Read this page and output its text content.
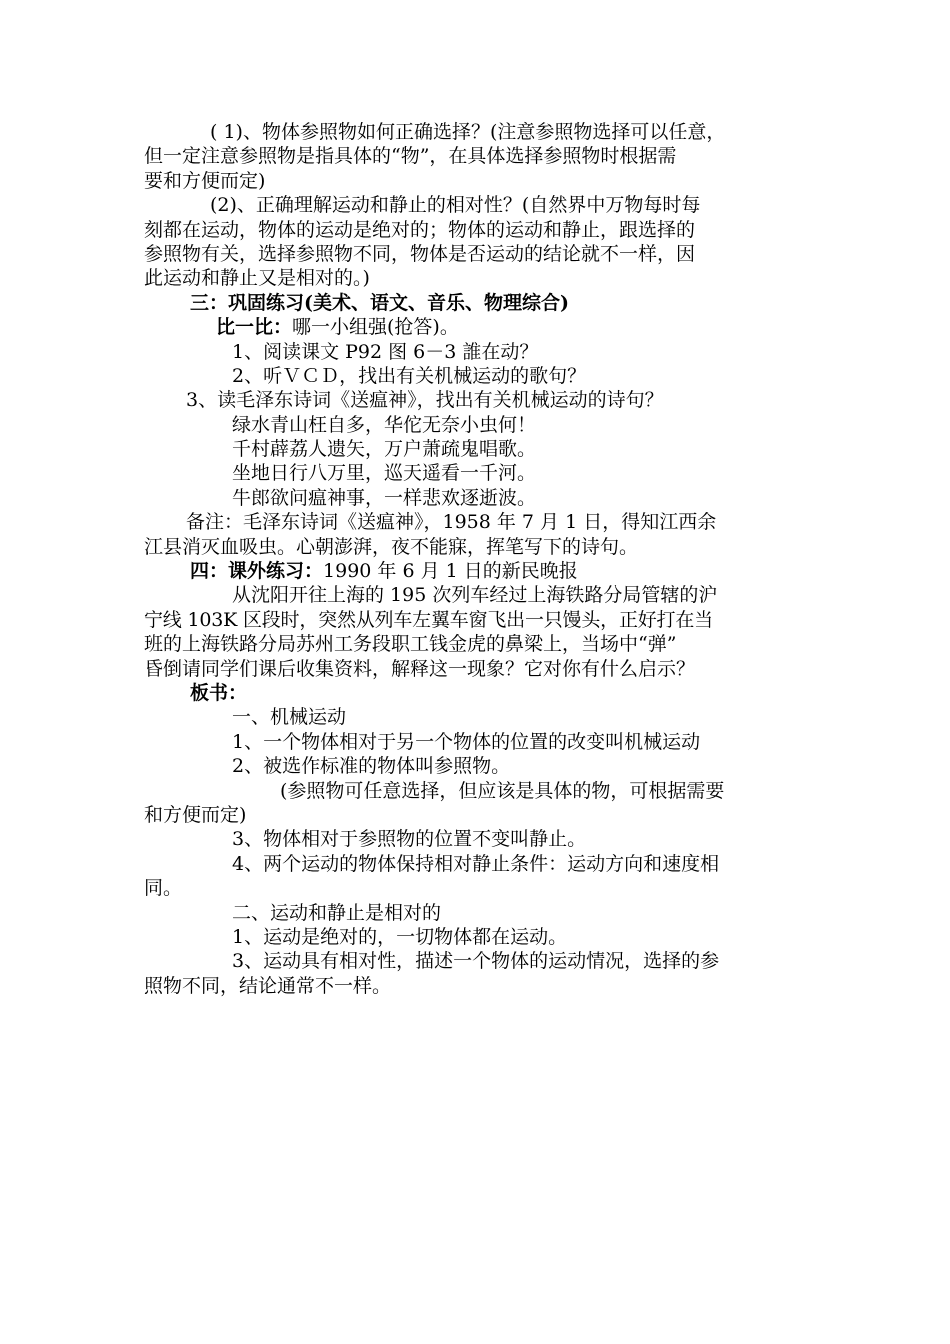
( 1)、物体参照物如何正确选择？(注意参照物选择可以任意，
但一定注意参照物是指具体的“物”，在具体选择参照物时根据需
要和方便而定)
(2)、正确理解运动和静止的相对性？(自然界中万物每时每
刻都在运动，物体的运动是绝对的；物体的运动和静止，跟选择的
参照物有关，选择参照物不同，物体是否运动的结论就不一样，因
此运动和静止又是相对的。)
三：巩固练习(美术、语文、音乐、物理综合)
比一比：哪一小组强(抢答)。
1、阅读课文 P92 图 6－3 誰在动？
2、听ＶＣＤ，找出有关机械运动的歌句？
3、读毛泽东诗词《送瘟神》，找出有关机械运动的诗句？
绿水青山枉自多，华佗无奈小虫何！
千村薜荔人遗矢，万户萧疏鬼唱歌。
坐地日行八万里，巡天遥看一千河。
牛郎欲问瘟神事，一样悲欢逐逝波。
备注：毛泽东诗词《送瘟神》，1958 年 7 月 1 日，得知江西余
江县消灭血吸虫。心朝澎湃，夜不能寐，挥笔写下的诗句。
四：课外练习：1990 年 6 月 1 日的新民晚报
从沈阳开往上海的 195 次列车经过上海铁路分局管辖的沪
宁线 103K 区段时，突然从列车左翼车窗飞出一只馒头，正好打在当
班的上海铁路分局苏州工务段职工钱金虎的鼻梁上，当场中“弹”
昏倒请同学们课后收集资料，解释这一现象？它对你有什么启示？
板书：
一、机械运动
1、一个物体相对于另一个物体的位置的改变叫机械运动
2、被选作标准的物体叫参照物。
(参照物可任意选择，但应该是具体的物，可根据需要
和方便而定)
3、物体相对于参照物的位置不变叫静止。
4、两个运动的物体保持相对静止条件：运动方向和速度相
同。
二、运动和静止是相对的
1、运动是绝对的，一切物体都在运动。
3、运动具有相对性，描述一个物体的运动情况，选择的参
照物不同，结论通常不一样。
